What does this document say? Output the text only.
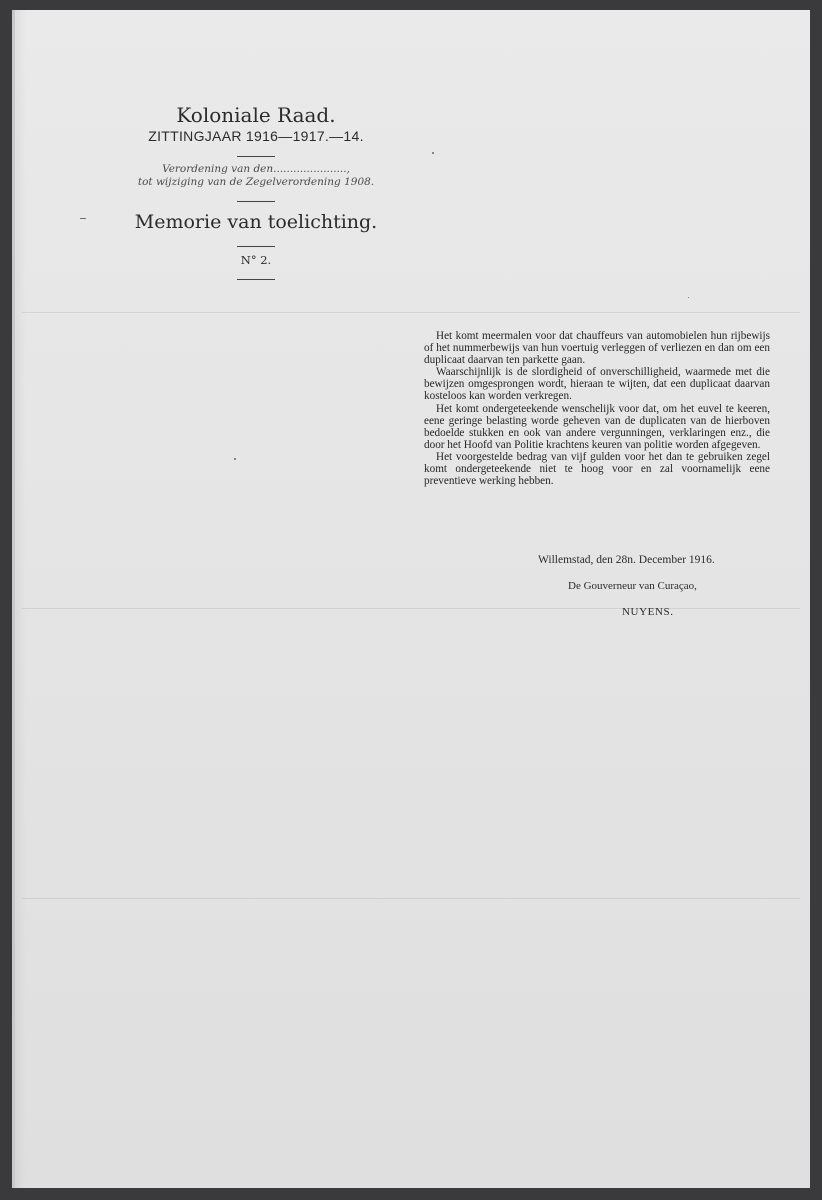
Koloniale Raad.
ZITTINGJAAR 1916—1917.—14.
Verordening van den......................,
tot wijziging van de Zegelverordening 1908.
Memorie van toelichting.
N° 2.

Het komt meermalen voor dat chauffeurs van automobielen hun rijbewijs of het nummerbewijs van hun voertuig verleggen of verliezen en dan om een duplicaat daarvan ten parkette gaan.

Waarschijnlijk is de slordigheid of onverschilligheid, waarmede met die bewijzen omgesprongen wordt, hieraan te wijten, dat een duplicaat daarvan kosteloos kan worden verkregen.

Het komt ondergeteekende wenschelijk voor dat, om het euvel te keeren, eene geringe belasting worde geheven van de duplicaten van de hierboven bedoelde stukken en ook van andere vergunningen, verklaringen enz., die door het Hoofd van Politie krachtens keuren van politie worden afgegeven.

Het voorgestelde bedrag van vijf gulden voor het dan te gebruiken zegel komt ondergeteekende niet te hoog voor en zal voornamelijk eene preventieve werking hebben.

Willemstad, den 28n. December 1916.
De Gouverneur van Curaçao,
NUYENS.
